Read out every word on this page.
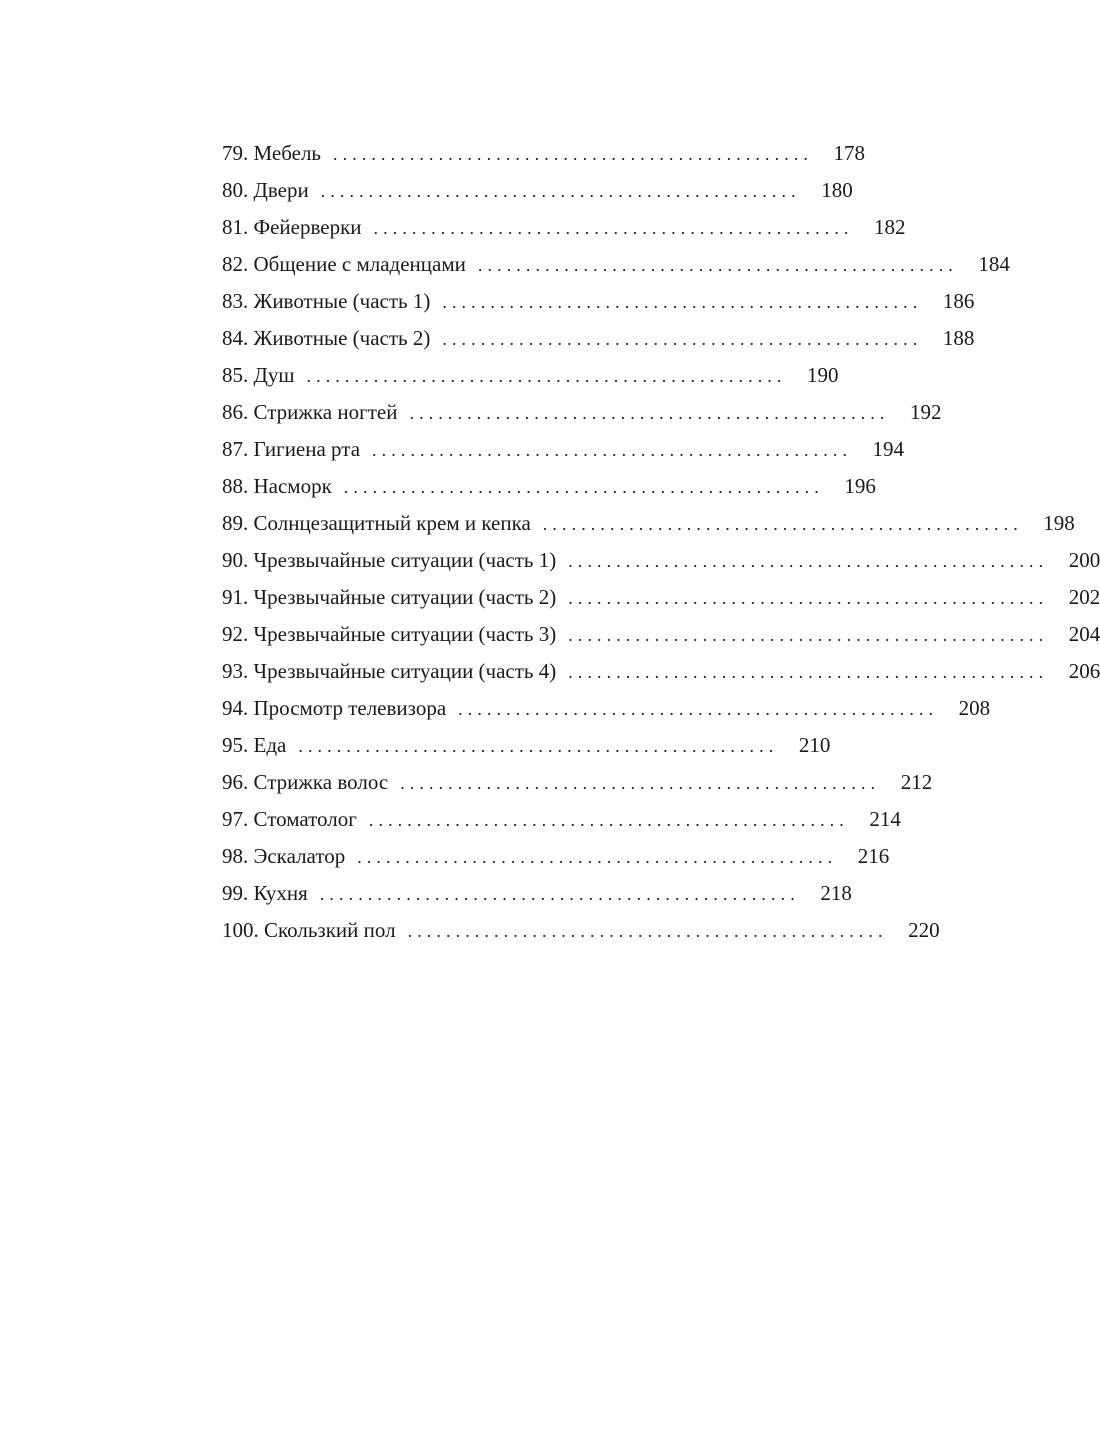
79. Мебель .................................................. 178
80. Двери .................................................. 180
81. Фейерверки .................................................. 182
82. Общение с младенцами .................................................. 184
83. Животные (часть 1) .................................................. 186
84. Животные (часть 2) .................................................. 188
85. Душ .................................................. 190
86. Стрижка ногтей .................................................. 192
87. Гигиена рта .................................................. 194
88. Насморк .................................................. 196
89. Солнцезащитный крем и кепка .................................................. 198
90. Чрезвычайные ситуации (часть 1) .................................................. 200
91. Чрезвычайные ситуации (часть 2) .................................................. 202
92. Чрезвычайные ситуации (часть 3) .................................................. 204
93. Чрезвычайные ситуации (часть 4) .................................................. 206
94. Просмотр телевизора .................................................. 208
95. Еда .................................................. 210
96. Стрижка волос .................................................. 212
97. Стоматолог .................................................. 214
98. Эскалатор .................................................. 216
99. Кухня .................................................. 218
100. Скользкий пол .................................................. 220
